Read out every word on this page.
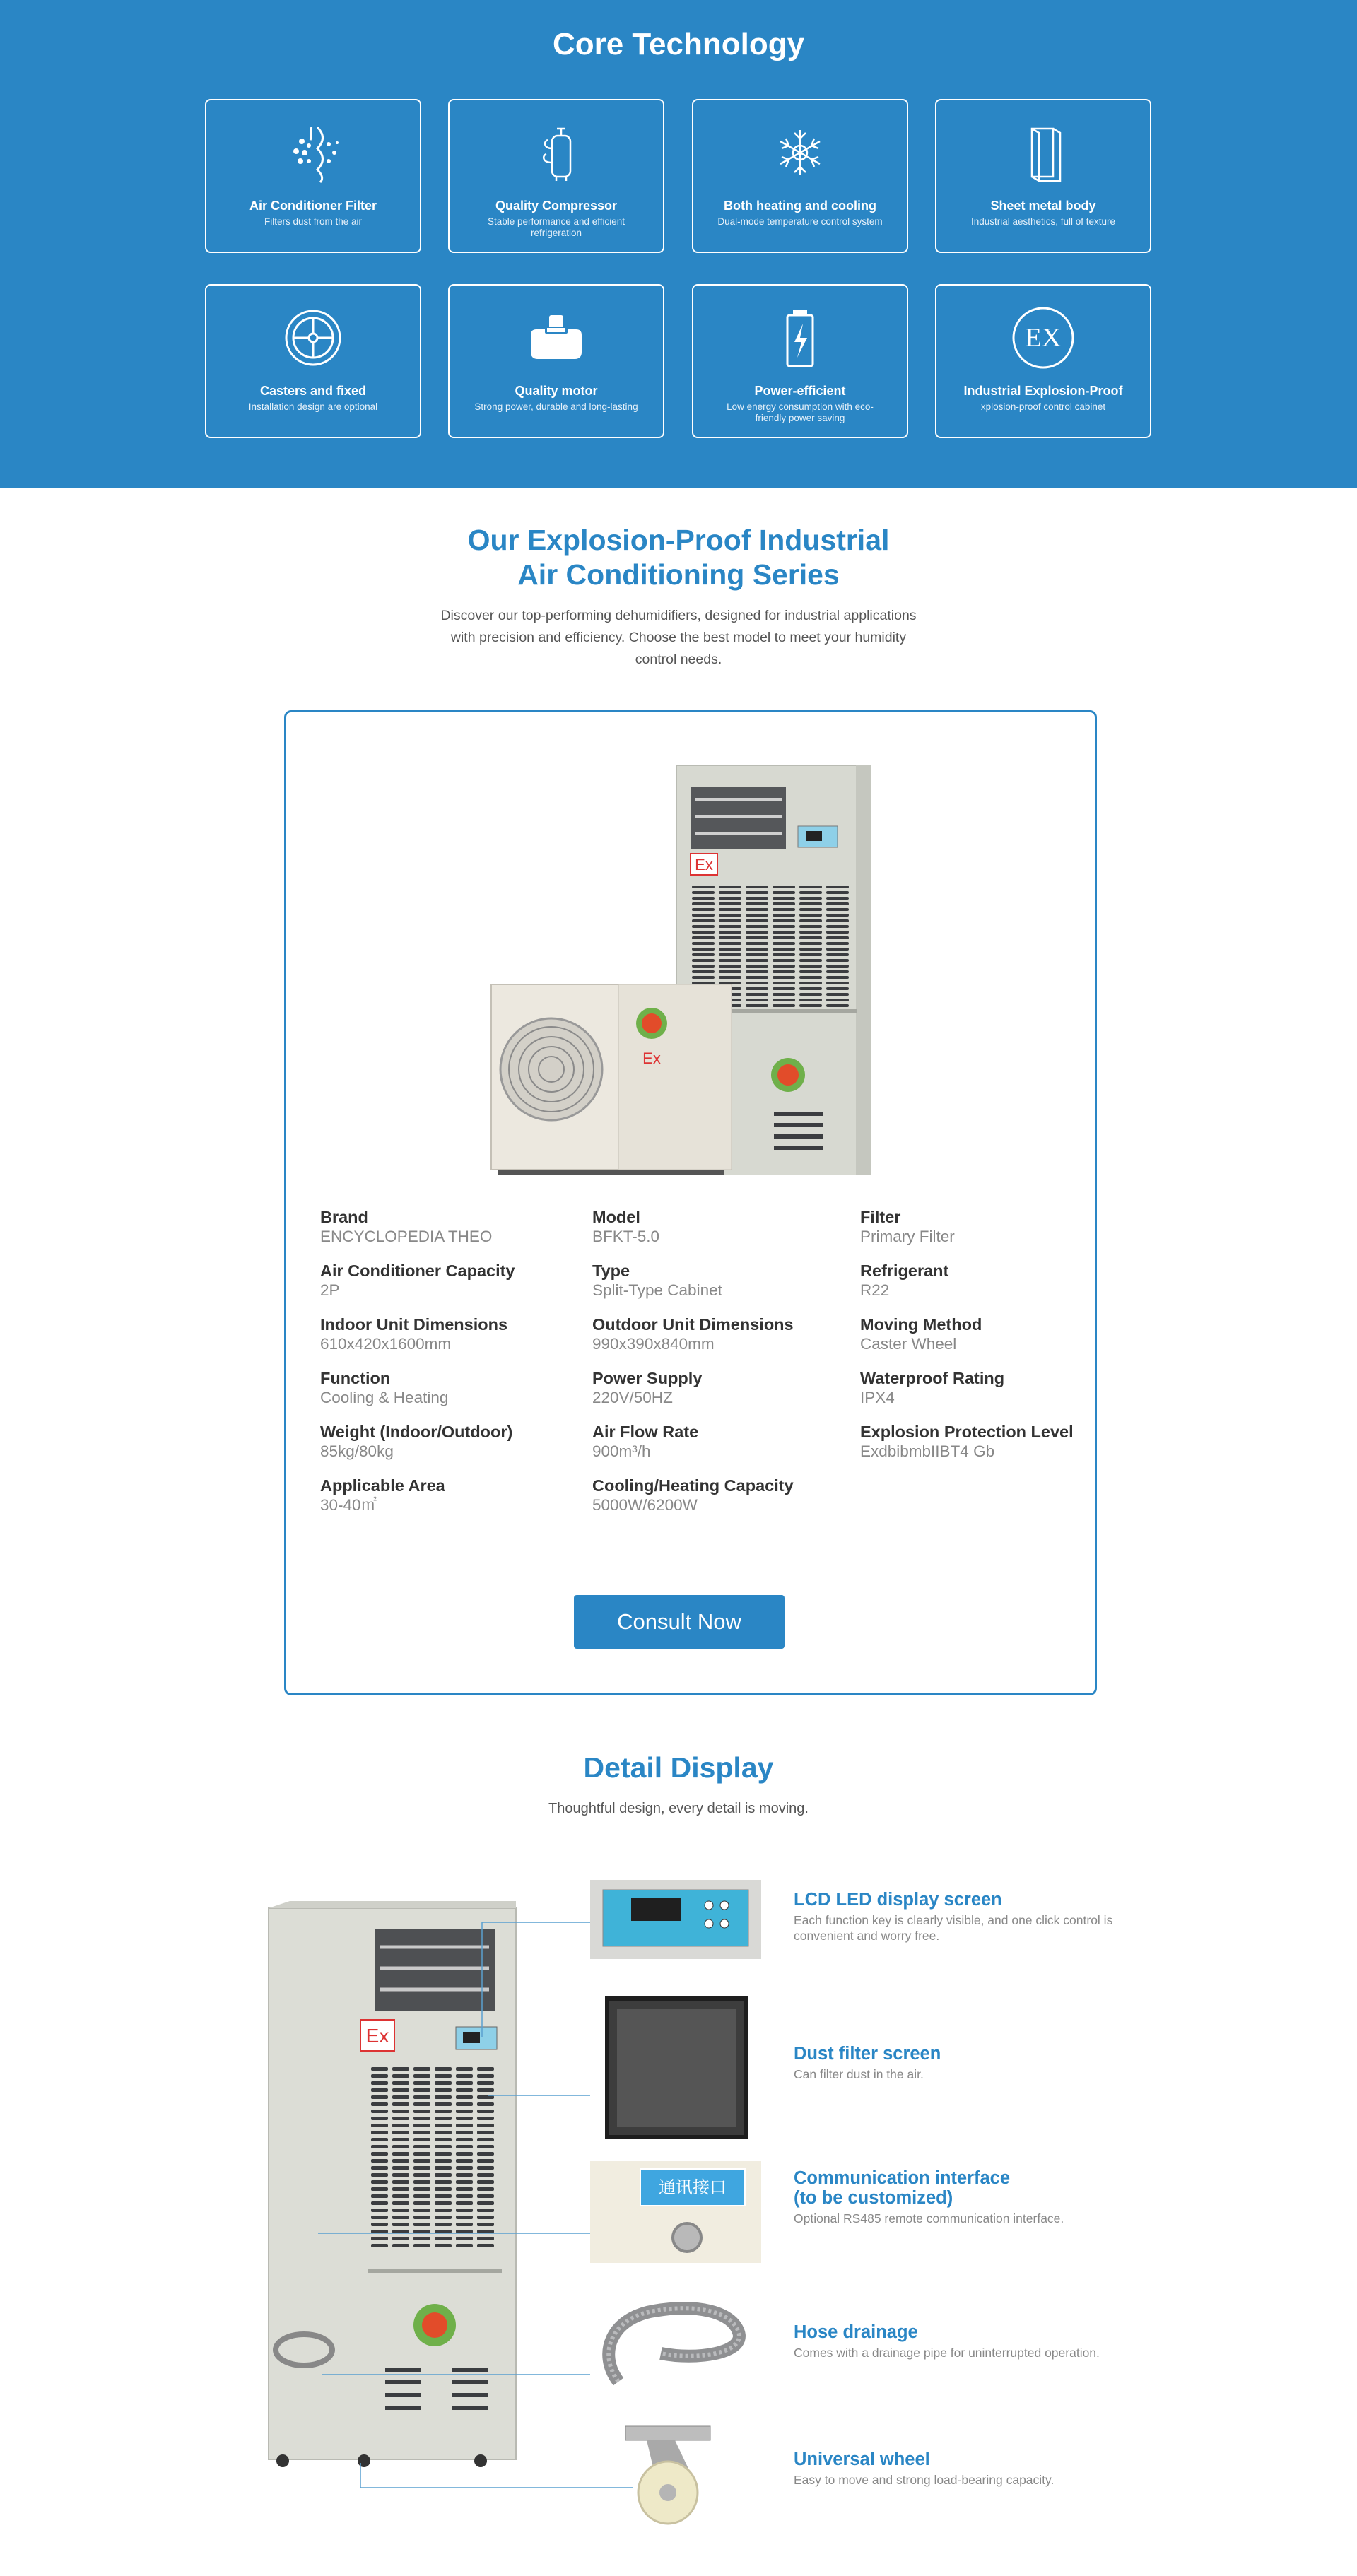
Core Technology
Air Conditioner Filter
Filters dust from the air
Quality Compressor
Stable performance and efficient refrigeration
Both heating and cooling
Dual-mode temperature control system
Sheet metal body
Industrial aesthetics, full of texture
Casters and fixed
Installation design are optional
Quality motor
Strong power, durable and long-lasting
Power-efficient
Low energy consumption with eco-friendly power saving
EX
Industrial Explosion-Proof
xplosion-proof control cabinet
Our Explosion-Proof Industrial
Air Conditioning Series

Discover our top-performing dehumidifiers, designed for industrial applications with precision and efficiency. Choose the best model to meet your humidity control needs.

Ex
Ex
Brand
ENCYCLOPEDIA THEO
Model
BFKT-5.0
Filter
Primary Filter
Air Conditioner Capacity
2P
Type
Split-Type Cabinet
Refrigerant
R22
Indoor Unit Dimensions
610x420x1600mm
Outdoor Unit Dimensions
990x390x840mm
Moving Method
Caster Wheel
Function
Cooling & Heating
Power Supply
220V/50HZ
Waterproof Rating
IPX4
Weight (Indoor/Outdoor)
85kg/80kg
Air Flow Rate
900m³/h
Explosion Protection Level
ExdbibmbIIBT4 Gb
Applicable Area
30-40㎡
Cooling/Heating Capacity
5000W/6200W
Consult Now
Detail Display

Thoughtful design, every detail is moving.

Ex
通讯接口
LCD LED display screen
Each function key is clearly visible, and one click control is convenient and worry free.
Dust filter screen
Can filter dust in the air.
Communication interface
(to be customized)
Optional RS485 remote communication interface.
Hose drainage
Comes with a drainage pipe for uninterrupted operation.
Universal wheel
Easy to move and strong load-bearing capacity.
